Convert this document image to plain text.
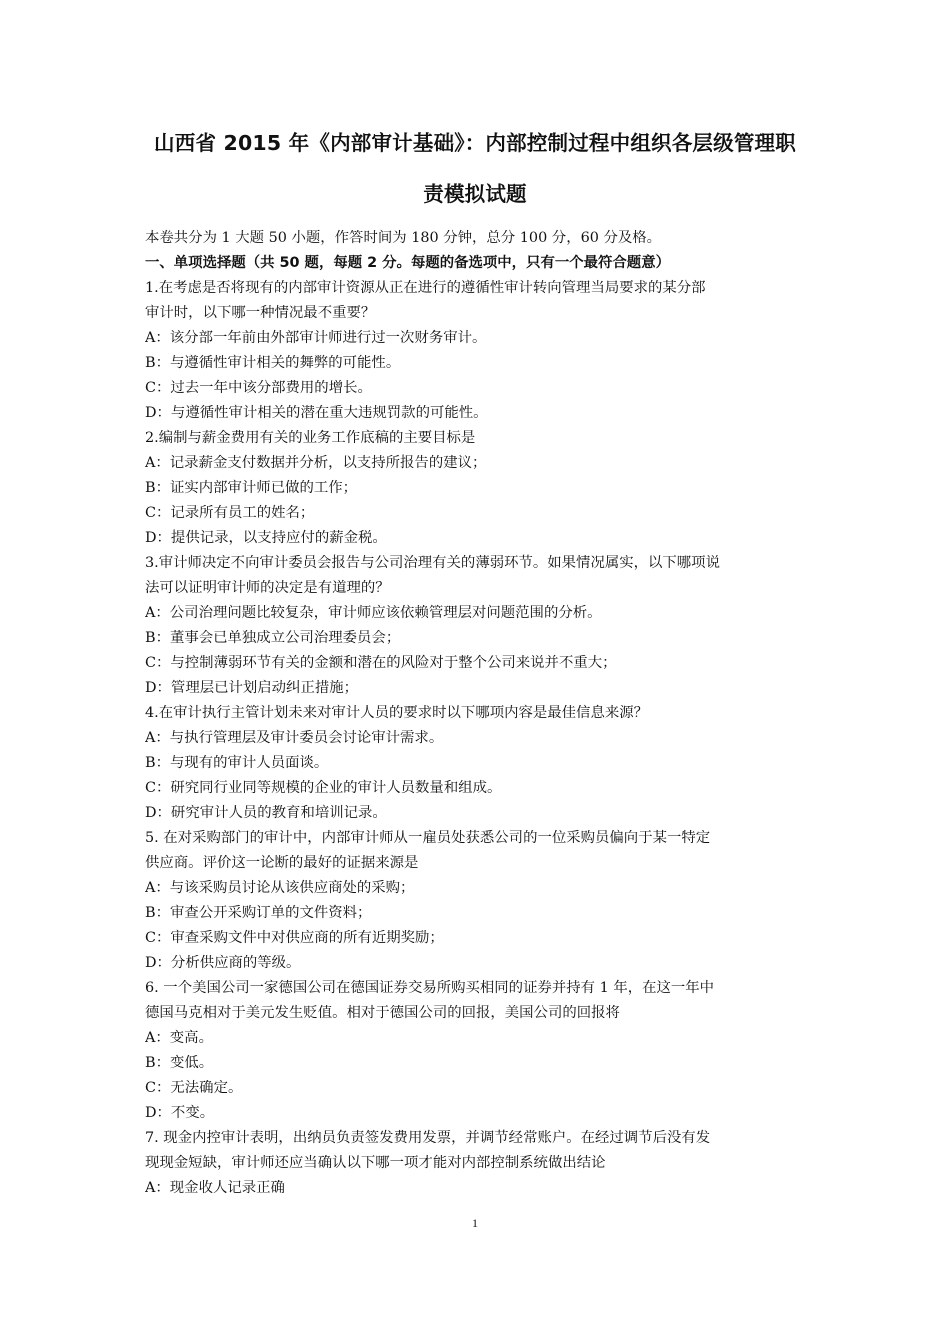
山西省 2015 年《内部审计基础》：内部控制过程中组织各层级管理职
责模拟试题
本卷共分为 1 大题 50 小题，作答时间为 180 分钟，总分 100 分，60 分及格。
一、单项选择题（共 50 题，每题 2 分。每题的备选项中，只有一个最符合题意）
1.在考虑是否将现有的内部审计资源从正在进行的遵循性审计转向管理当局要求的某分部
审计时，以下哪一种情况最不重要？
A：该分部一年前由外部审计师进行过一次财务审计。
B：与遵循性审计相关的舞弊的可能性。
C：过去一年中该分部费用的增长。
D：与遵循性审计相关的潜在重大违规罚款的可能性。
2.编制与薪金费用有关的业务工作底稿的主要目标是
A：记录薪金支付数据并分析，以支持所报告的建议；
B：证实内部审计师已做的工作；
C：记录所有员工的姓名；
D：提供记录，以支持应付的薪金税。
3.审计师决定不向审计委员会报告与公司治理有关的薄弱环节。如果情况属实，以下哪项说
法可以证明审计师的决定是有道理的？
A：公司治理问题比较复杂，审计师应该依赖管理层对问题范围的分析。
B：董事会已单独成立公司治理委员会；
C：与控制薄弱环节有关的金额和潜在的风险对于整个公司来说并不重大；
D：管理层已计划启动纠正措施；
4.在审计执行主管计划未来对审计人员的要求时以下哪项内容是最佳信息来源？
A：与执行管理层及审计委员会讨论审计需求。
B：与现有的审计人员面谈。
C：研究同行业同等规模的企业的审计人员数量和组成。
D：研究审计人员的教育和培训记录。
5. 在对采购部门的审计中，内部审计师从一雇员处获悉公司的一位采购员偏向于某一特定
供应商。评价这一论断的最好的证据来源是
A：与该采购员讨论从该供应商处的采购；
B：审查公开采购订单的文件资料；
C：审查采购文件中对供应商的所有近期奖励；
D：分析供应商的等级。
6. 一个美国公司一家德国公司在德国证券交易所购买相同的证券并持有 1 年，在这一年中
德国马克相对于美元发生贬值。相对于德国公司的回报，美国公司的回报将
A：变高。
B：变低。
C：无法确定。
D：不变。
7. 现金内控审计表明，出纳员负责签发费用发票，并调节经常账户。在经过调节后没有发
现现金短缺，审计师还应当确认以下哪一项才能对内部控制系统做出结论
A：现金收人记录正确
1
